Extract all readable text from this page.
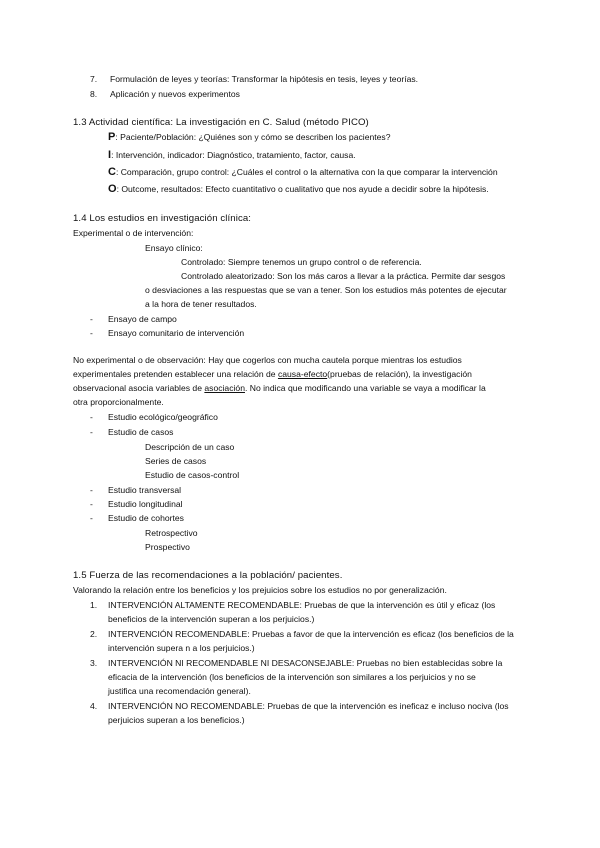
7. Formulación de leyes y teorías: Transformar la hipótesis en tesis, leyes y teorías.
8. Aplicación y nuevos experimentos
1.3 Actividad científica: La investigación en C. Salud (método PICO)
P: Paciente/Población: ¿Quiénes son y cómo se describen los pacientes?
I: Intervención, indicador: Diagnóstico, tratamiento, factor, causa.
C: Comparación, grupo control: ¿Cuáles el control o la alternativa con la que comparar la intervención
O: Outcome, resultados: Efecto cuantitativo o cualitativo que nos ayude a decidir sobre la hipótesis.
1.4 Los estudios en investigación clínica:
Experimental o de intervención:
Ensayo clínico:
Controlado: Siempre tenemos un grupo control o de referencia.
Controlado aleatorizado: Son los más caros a llevar a la práctica. Permite dar sesgos
o desviaciones a las respuestas que se van a tener. Son los estudios más potentes de ejecutar
a la hora de tener resultados.
- Ensayo de campo
- Ensayo comunitario de intervención
No experimental o de observación: Hay que cogerlos con mucha cautela porque mientras los estudios
experimentales pretenden establecer una relación de causa-efecto(pruebas de relación), la investigación
observacional asocia variables de asociación. No indica que modificando una variable se vaya a modificar la
otra proporcionalmente.
- Estudio ecológico/geográfico
- Estudio de casos
Descripción de un caso
Series de casos
Estudio de casos-control
- Estudio transversal
- Estudio longitudinal
- Estudio de cohortes
Retrospectivo
Prospectivo
1.5 Fuerza de las recomendaciones a la población/ pacientes.
Valorando la relación entre los beneficios y los prejuicios sobre los estudios no por generalización.
1. INTERVENCIÓN ALTAMENTE RECOMENDABLE: Pruebas de que la intervención es útil y eficaz (los
beneficios de la intervención superan a los perjuicios.)
2. INTERVENCIÓN RECOMENDABLE: Pruebas a favor de que la intervención es eficaz (los beneficios de la
intervención supera n a los perjuicios.)
3. INTERVENCIÓN NI RECOMENDABLE NI DESACONSEJABLE: Pruebas no bien establecidas sobre la
eficacia de la intervención (los beneficios de la intervención son similares a los perjuicios y no se
justifica una recomendación general).
4. INTERVENCIÓN NO RECOMENDABLE: Pruebas de que la intervención es ineficaz e incluso nociva (los
perjuicios superan a los beneficios.)
